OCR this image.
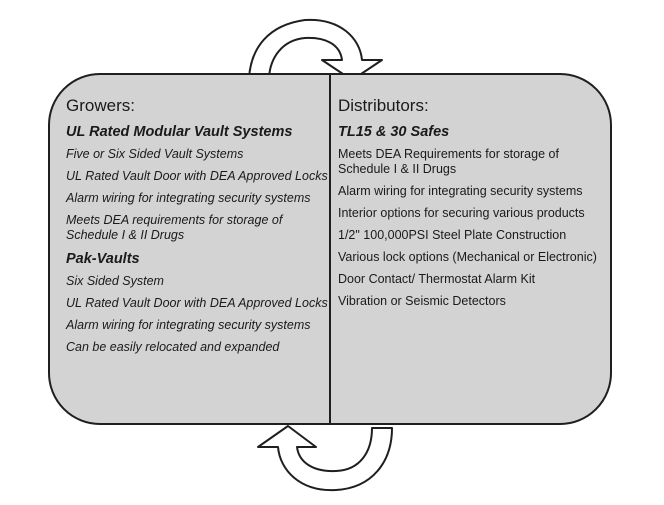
Growers:
UL Rated Modular Vault Systems
Five or Six Sided Vault Systems
UL Rated Vault Door with DEA Approved Locks
Alarm wiring for integrating security systems
Meets DEA requirements for storage of Schedule I & II Drugs
Pak-Vaults
Six Sided System
UL Rated Vault Door with DEA Approved Locks
Alarm wiring for integrating security systems
Can be easily relocated and expanded
Distributors:
TL15 & 30 Safes
Meets DEA Requirements for storage of Schedule I & II Drugs
Alarm wiring for integrating security systems
Interior options for securing various products
1/2" 100,000PSI Steel Plate Construction
Various lock options (Mechanical or Electronic)
Door Contact/ Thermostat Alarm Kit
Vibration or Seismic Detectors
